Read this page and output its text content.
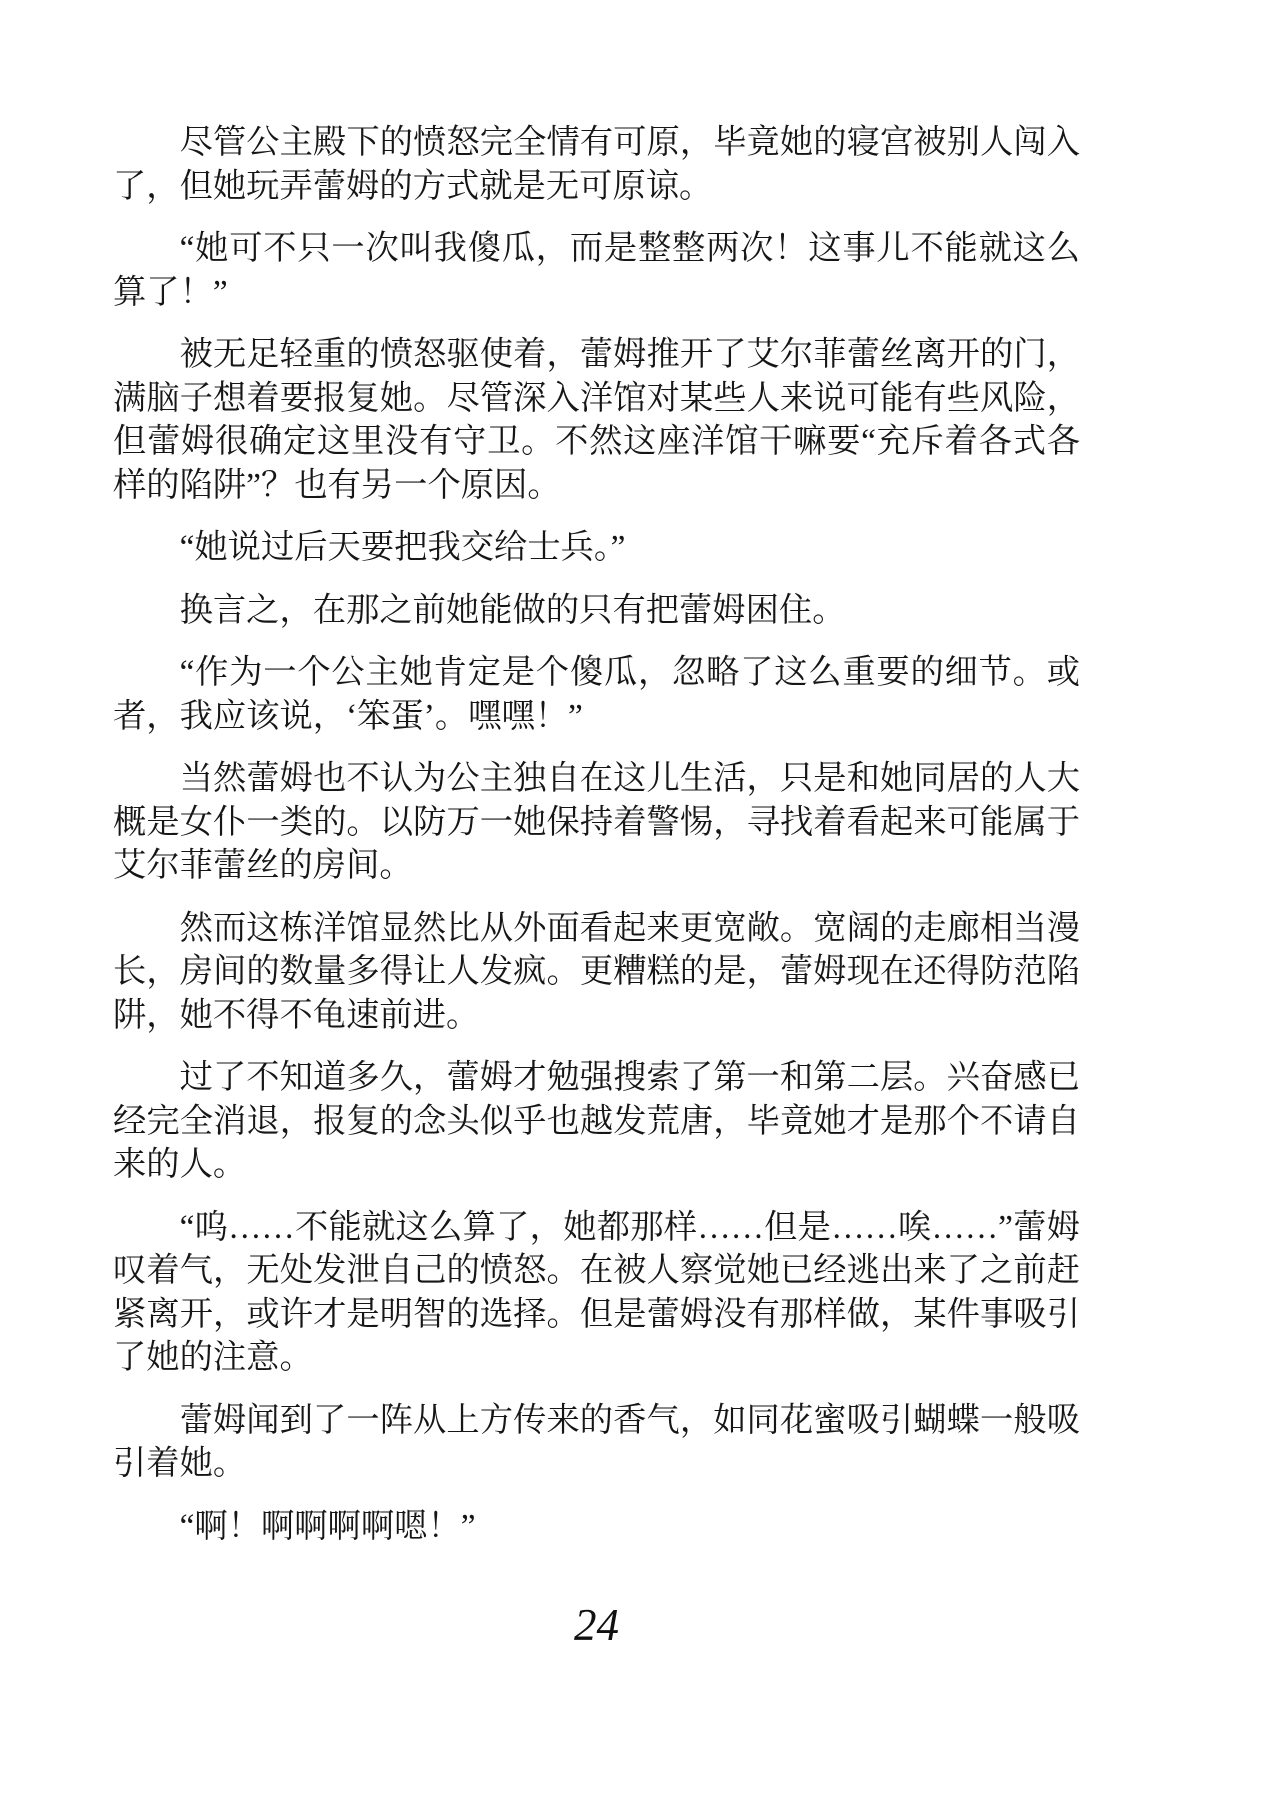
尽管公主殿下的愤怒完全情有可原，毕竟她的寝宫被别人闯入了，但她玩弄蕾姆的方式就是无可原谅。

“她可不只一次叫我傻瓜，而是整整两次！这事儿不能就这么算了！”

被无足轻重的愤怒驱使着，蕾姆推开了艾尔菲蕾丝离开的门，满脑子想着要报复她。尽管深入洋馆对某些人来说可能有些风险，但蕾姆很确定这里没有守卫。不然这座洋馆干嘛要“充斥着各式各样的陷阱”？也有另一个原因。

“她说过后天要把我交给士兵。”

换言之，在那之前她能做的只有把蕾姆困住。

“作为一个公主她肯定是个傻瓜，忽略了这么重要的细节。或者，我应该说，‘笨蛋’。嘿嘿！”

当然蕾姆也不认为公主独自在这儿生活，只是和她同居的人大概是女仆一类的。以防万一她保持着警惕，寻找着看起来可能属于艾尔菲蕾丝的房间。

然而这栋洋馆显然比从外面看起来更宽敞。宽阔的走廊相当漫长，房间的数量多得让人发疯。更糟糕的是，蕾姆现在还得防范陷阱，她不得不龟速前进。

过了不知道多久，蕾姆才勉强搜索了第一和第二层。兴奋感已经完全消退，报复的念头似乎也越发荒唐，毕竟她才是那个不请自来的人。

“呜……不能就这么算了，她都那样……但是……唉……”蕾姆叹着气，无处发泄自己的愤怒。在被人察觉她已经逃出来了之前赶紧离开，或许才是明智的选择。但是蕾姆没有那样做，某件事吸引了她的注意。

蕾姆闻到了一阵从上方传来的香气，如同花蜜吸引蝴蝶一般吸引着她。

“啊！啊啊啊啊嗯！”

24
